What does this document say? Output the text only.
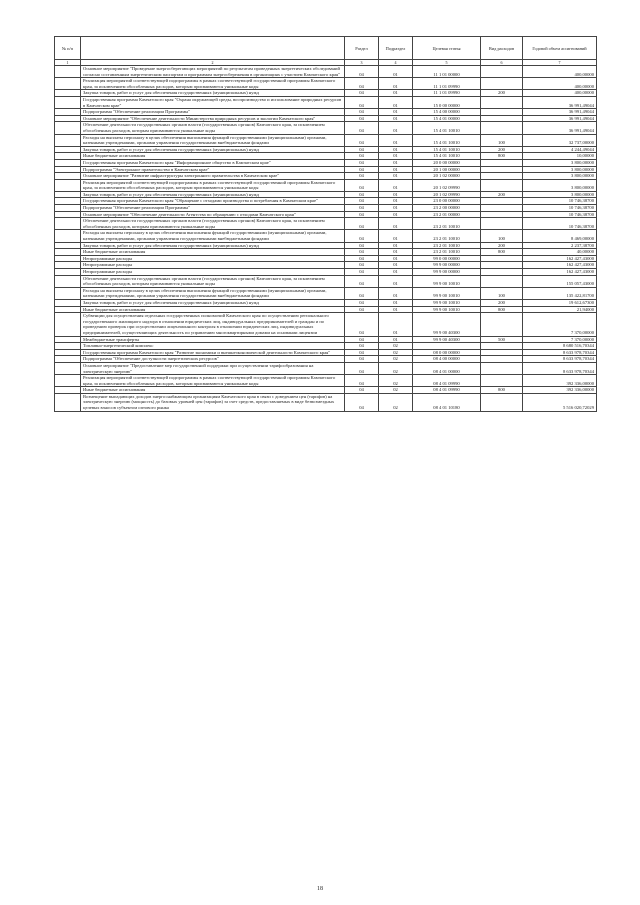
№ п/п		Раздел	Подраздел	Целевая статья	Вид расходов	Годовой объем ассигнований
1	2	3	4	5	6	7
	Основное мероприятие "Проведение энергосберегающих мероприятий по результатам проведенных энергетических обследований согласно составленным энергетическим паспортам и программам энергосбережения в организациях с участием Камчатского края"	04	01	11 1 01 00000		400,00000
	Реализация мероприятий соответствующей подпрограммы в рамках соответствующей государственной программы Камчатского края, за исключением обособленных расходов, которым присваиваются уникальные коды	04	01	11 1 01 09990		400,00000
	Закупка товаров, работ и услуг для обеспечения государственных (муниципальных) нужд	04	01	11 1 01 09990	200	400,00000
	Государственная программа Камчатского края "Охрана окружающей среды, воспроизводство и использование природных ресурсов в Камчатском крае"	04	01	15 0 00 00000		36 991,49044
	Подпрограмма "Обеспечение реализации Программы"	04	01	15 4 00 00000		36 991,49044
	Основное мероприятие "Обеспечение деятельности Министерства природных ресурсов и экологии Камчатского края"	04	01	15 4 01 00000		36 991,49044
	Обеспечение деятельности государственных органов власти (государственных органов) Камчатского края, за исключением обособленных расходов, которым присваиваются уникальные коды	04	01	15 4 01 10010		36 991,49044
	Расходы на выплаты персоналу в целях обеспечения выполнения функций государственными (муниципальными) органами, казенными учреждениями, органами управления государственными внебюджетными фондами	04	01	15 4 01 10010	100	32 737,00000
	Закупка товаров, работ и услуг для обеспечения государственных (муниципальных) нужд	04	01	15 4 01 10010	200	4 244,49044
	Иные бюджетные ассигнования	04	01	15 4 01 10010	800	10,00000
	Государственная программа Камчатского края "Информационное общество в Камчатском крае"	04	01	20 0 00 00000		3 800,00000
	Подпрограмма "Электронное правительство в Камчатском крае"	04	01	20 1 00 00000		3 800,00000
	Основное мероприятие "Развитие инфраструктуры электронного правительства в Камчатском крае"	04	01	20 1 02 00000		3 800,00000
	Реализация мероприятий соответствующей подпрограммы в рамках соответствующей государственной программы Камчатского края, за исключением обособленных расходов, которым присваиваются уникальные коды	04	01	20 1 02 09990		3 800,00000
	Закупка товаров, работ и услуг для обеспечения государственных (муниципальных) нужд	04	01	20 1 02 09990	200	3 800,00000
	Государственная программа Камчатского края "Обращение с отходами производства и потребления в Камчатском крае"	04	01	23 0 00 00000		10 746,38700
	Подпрограмма "Обеспечение реализации Программы"	04	01	23 2 00 00000		10 746,38700
	Основное мероприятие "Обеспечение деятельности Агентства по обращению с отходами Камчатского края"	04	01	23 2 01 00000		10 746,38700
	Обеспечение деятельности государственных органов власти (государственных органов) Камчатского края, за исключением обособленных расходов, которым присваиваются уникальные коды	04	01	23 2 01 10010		10 746,38700
	Расходы на выплаты персоналу в целях обеспечения выполнения функций государственными (муниципальными) органами, казенными учреждениями, органами управления государственными внебюджетными фондами	04	01	23 2 01 10010	100	8 469,00000
	Закупка товаров, работ и услуг для обеспечения государственных (муниципальных) нужд	04	01	23 2 01 10010	200	2 237,38700
	Иные бюджетные ассигнования	04	01	23 2 01 10010	800	40,00000
	Непрограммные расходы	04	01	99 0 00 00000		162 427,43000
	Непрограммные расходы	04	01	99 9 00 00000		162 427,43000
	Непрограммные расходы	04	01	99 9 00 00000		162 427,43000
	Обеспечение деятельности государственных органов власти (государственных органов) Камчатского края, за исключением обособленных расходов, которым присваиваются уникальные коды	04	01	99 9 00 10010		155 057,43000
	Расходы на выплаты персоналу в целях обеспечения выполнения функций государственными (муниципальными) органами, казенными учреждениями, органами управления государственными внебюджетными фондами	04	01	99 9 00 10010	100	135 422,81700
	Закупка товаров, работ и услуг для обеспечения государственных (муниципальных) нужд	04	01	99 9 00 10010	200	19 612,67300
	Иные бюджетные ассигнования	04	01	99 9 00 10010	800	21,94000
	Субвенции для осуществления отдельных государственных полномочий Камчатского края по осуществлению регионального государственного жилищного надзора в отношении юридических лиц, индивидуальных предпринимателей и граждан и по проведению проверок при осуществлении лицензионного контроля в отношении юридических лиц, индивидуальных предпринимателей, осуществляющих деятельность по управлению многоквартирными домами на основании лицензии	04	01	99 9 00 40300		7 370,00000
	Межбюджетные трансферты	04	01	99 9 00 40300	500	7 370,00000
	Топливно-энергетический комплекс	04	02			8 680 516,70344
	Государственная программа Камчатского края "Развитие экономики и внешнеэкономической деятельности Камчатского края"	04	02	08 0 00 00000		8 633 978,70344
	Подпрограмма "Обеспечение доступности энергетических ресурсов"	04	02	08 4 00 00000		8 633 978,70344
	Основное мероприятие "Предоставление мер государственной поддержки при осуществлении тарифообразования на электрическую энергию"	04	02	08 4 01 00000		8 633 978,70344
	Реализация мероприятий соответствующей подпрограммы в рамках соответствующей государственной программы Камчатского края, за исключением обособленных расходов, которым присваиваются уникальные коды	04	02	08 4 01 09990		392 336,00000
	Иные бюджетные ассигнования	04	02	08 4 01 09990	800	392 336,00000
	Возмещение выпадающих доходов энергоснабжающим организациям Камчатского края в связи с доведением цен (тарифов) на электрическую энергию (мощность) до базовых уровней цен (тарифов) за счет средств, предоставляемых в виде безвозмездных целевых взносов субъектом оптового рынка	04	02	08 4 01 10180		5 516 020,72029
18
